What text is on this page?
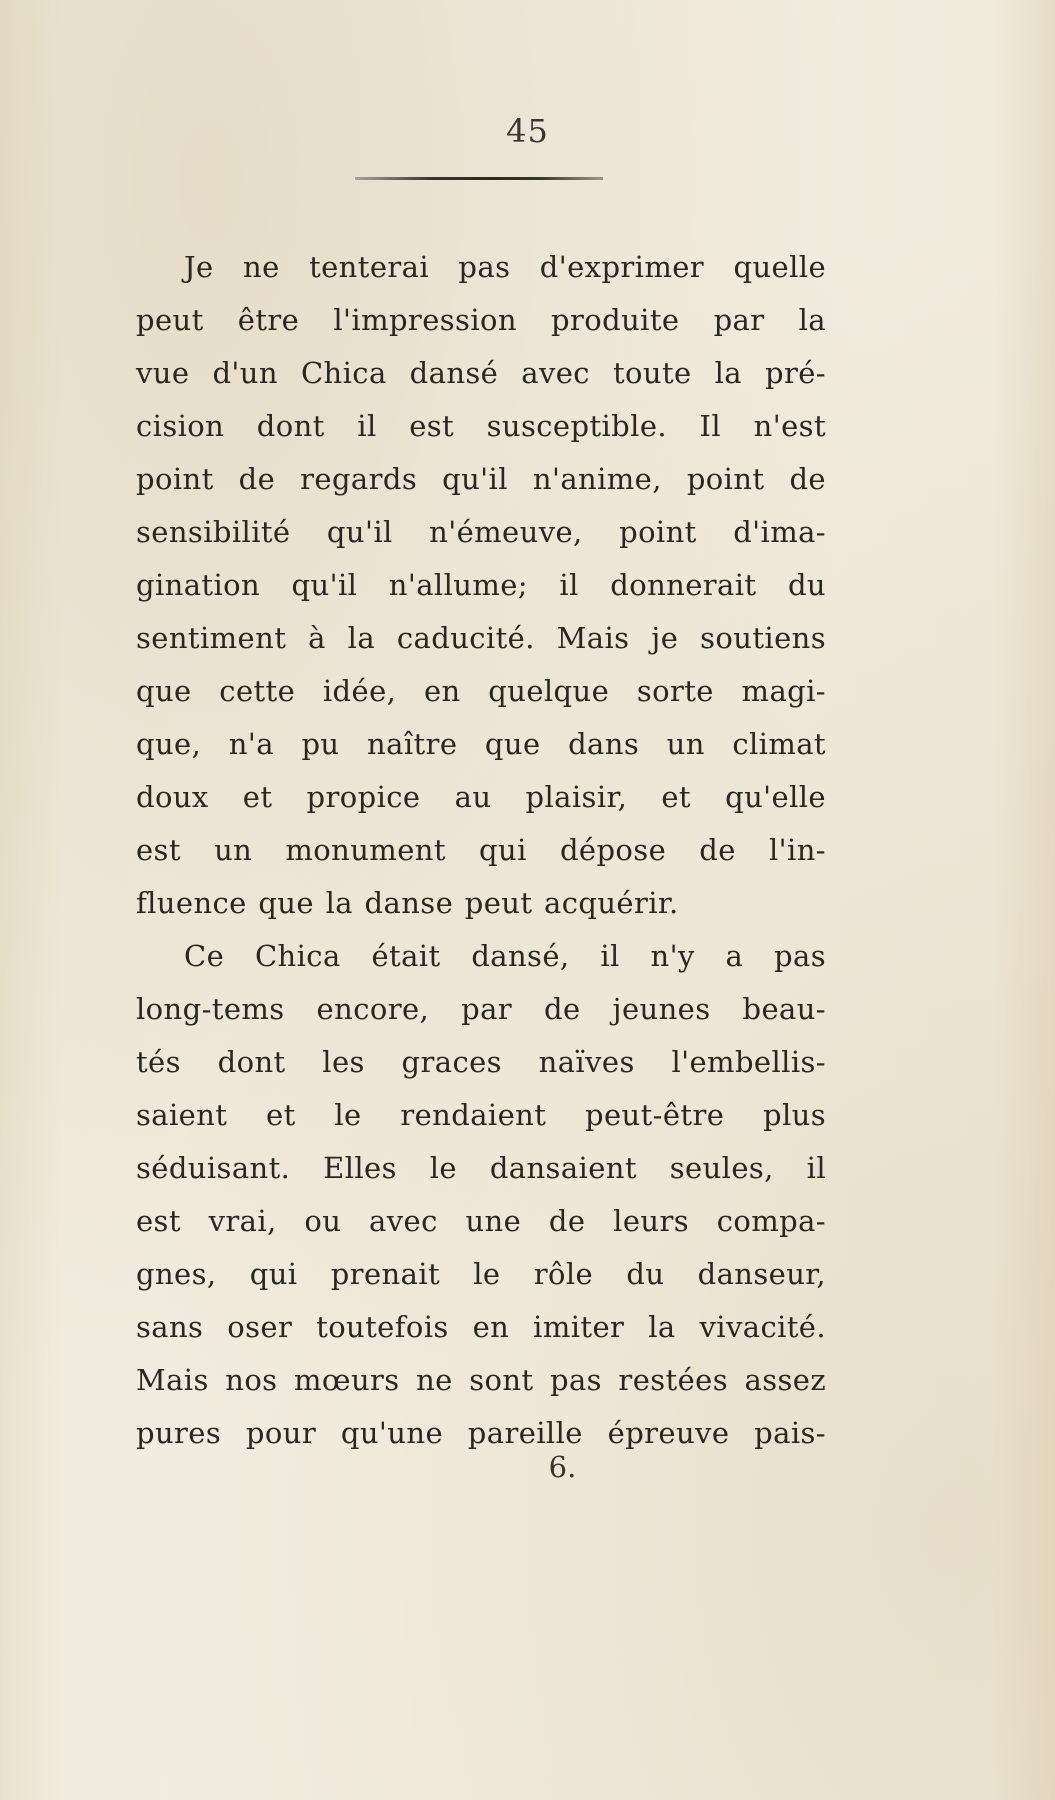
45
Je ne tenterai pas d'exprimer quelle
peut être l'impression produite par la
vue d'un Chica dansé avec toute la pré-
cision dont il est susceptible. Il n'est
point de regards qu'il n'anime, point de
sensibilité qu'il n'émeuve, point d'ima-
gination qu'il n'allume; il donnerait du
sentiment à la caducité. Mais je soutiens
que cette idée, en quelque sorte magi-
que, n'a pu naître que dans un climat
doux et propice au plaisir, et qu'elle
est un monument qui dépose de l'in-
fluence que la danse peut acquérir.
Ce Chica était dansé, il n'y a pas
long-tems encore, par de jeunes beau-
tés dont les graces naïves l'embellis-
saient et le rendaient peut-être plus
séduisant. Elles le dansaient seules, il
est vrai, ou avec une de leurs compa-
gnes, qui prenait le rôle du danseur,
sans oser toutefois en imiter la vivacité.
Mais nos mœurs ne sont pas restées assez
pures pour qu'une pareille épreuve pais-
6.
